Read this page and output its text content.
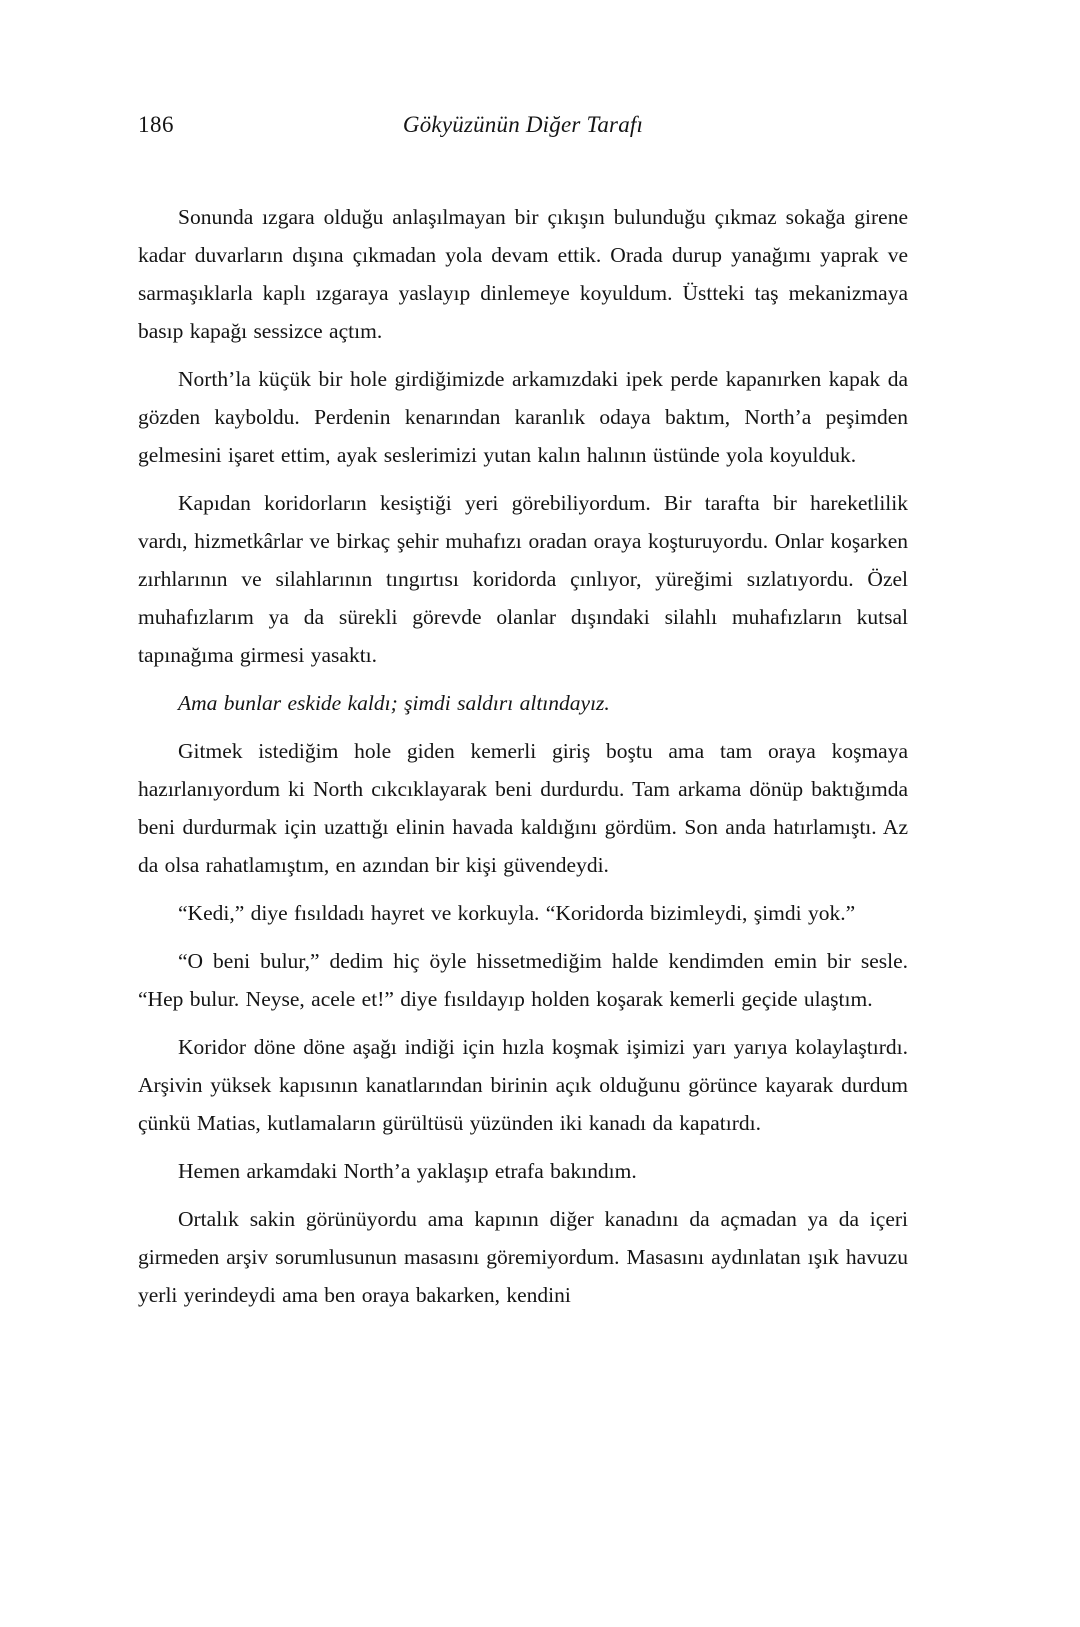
186	Gökyüzünün Diğer Tarafı

Sonunda ızgara olduğu anlaşılmayan bir çıkışın bulunduğu çıkmaz sokağa girene kadar duvarların dışına çıkmadan yola devam ettik. Orada durup yanağımı yaprak ve sarmaşıklarla kaplı ızgaraya yaslayıp dinlemeye koyuldum. Üstteki taş mekanizmaya basıp kapağı sessizce açtım.

North’la küçük bir hole girdiğimizde arkamızdaki ipek perde kapanırken kapak da gözden kayboldu. Perdenin kenarından karanlık odaya baktım, North’a peşimden gelmesini işaret ettim, ayak seslerimizi yutan kalın halının üstünde yola koyulduk.

Kapıdan koridorların kesiştiği yeri görebiliyordum. Bir tarafta bir hareketlilik vardı, hizmetkârlar ve birkaç şehir muhafızı oradan oraya koşturuyordu. Onlar koşarken zırhlarının ve silahlarının tıngırtısı koridorda çınlıyor, yüreğimi sızlatıyordu. Özel muhafızlarım ya da sürekli görevde olanlar dışındaki silahlı muhafızların kutsal tapınağıma girmesi yasaktı.

Ama bunlar eskide kaldı; şimdi saldırı altındayız.

Gitmek istediğim hole giden kemerli giriş boştu ama tam oraya koşmaya hazırlanıyordum ki North cıkcıklayarak beni durdurdu. Tam arkama dönüp baktığımda beni durdurmak için uzattığı elinin havada kaldığını gördüm. Son anda hatırlamıştı. Az da olsa rahatlamıştım, en azından bir kişi güvendeydi.

“Kedi,” diye fısıldadı hayret ve korkuyla. “Koridorda bizimleydi, şimdi yok.”

“O beni bulur,” dedim hiç öyle hissetmediğim halde kendimden emin bir sesle. “Hep bulur. Neyse, acele et!” diye fısıldayıp holden koşarak kemerli geçide ulaştım.

Koridor döne döne aşağı indiği için hızla koşmak işimizi yarı yarıya kolaylaştırdı. Arşivin yüksek kapısının kanatlarından birinin açık olduğunu görünce kayarak durdum çünkü Matias, kutlamaların gürültüsü yüzünden iki kanadı da kapatırdı.

Hemen arkamdaki North’a yaklaşıp etrafa bakındım.

Ortalık sakin görünüyordu ama kapının diğer kanadını da açmadan ya da içeri girmeden arşiv sorumlusunun masasını göremiyordum. Masasını aydınlatan ışık havuzu yerli yerindeydi ama ben oraya bakarken, kendini
